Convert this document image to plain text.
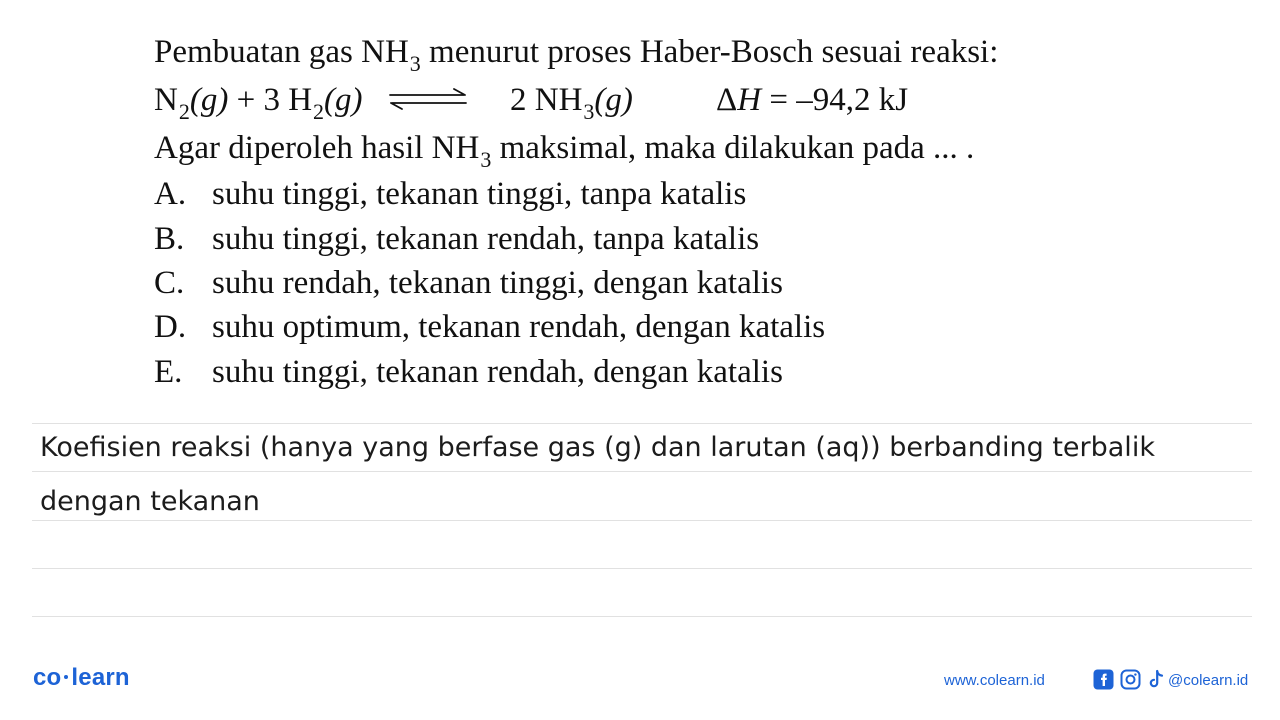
Pembuatan gas $NH_3$ menurut proses Haber-Bosch sesuai reaksi:
$N_2(g) + 3$ $H_2(g)$ ⇌ 2 $NH_3(g)$	ΔH = –94,2 kJ
Agar diperoleh hasil $NH_3$ maksimal, maka dilakukan pada ... .
A. suhu tinggi, tekanan tinggi, tanpa katalis
B. suhu tinggi, tekanan rendah, tanpa katalis
C. suhu rendah, tekanan tinggi, dengan katalis
D. suhu optimum, tekanan rendah, dengan katalis
E. suhu tinggi, tekanan rendah, dengan katalis
Koefisien reaksi (hanya yang berfase gas (g) dan larutan (aq)) berbanding terbalik
dengan tekanan
co learn	www.colearn.id	@colearn.id
